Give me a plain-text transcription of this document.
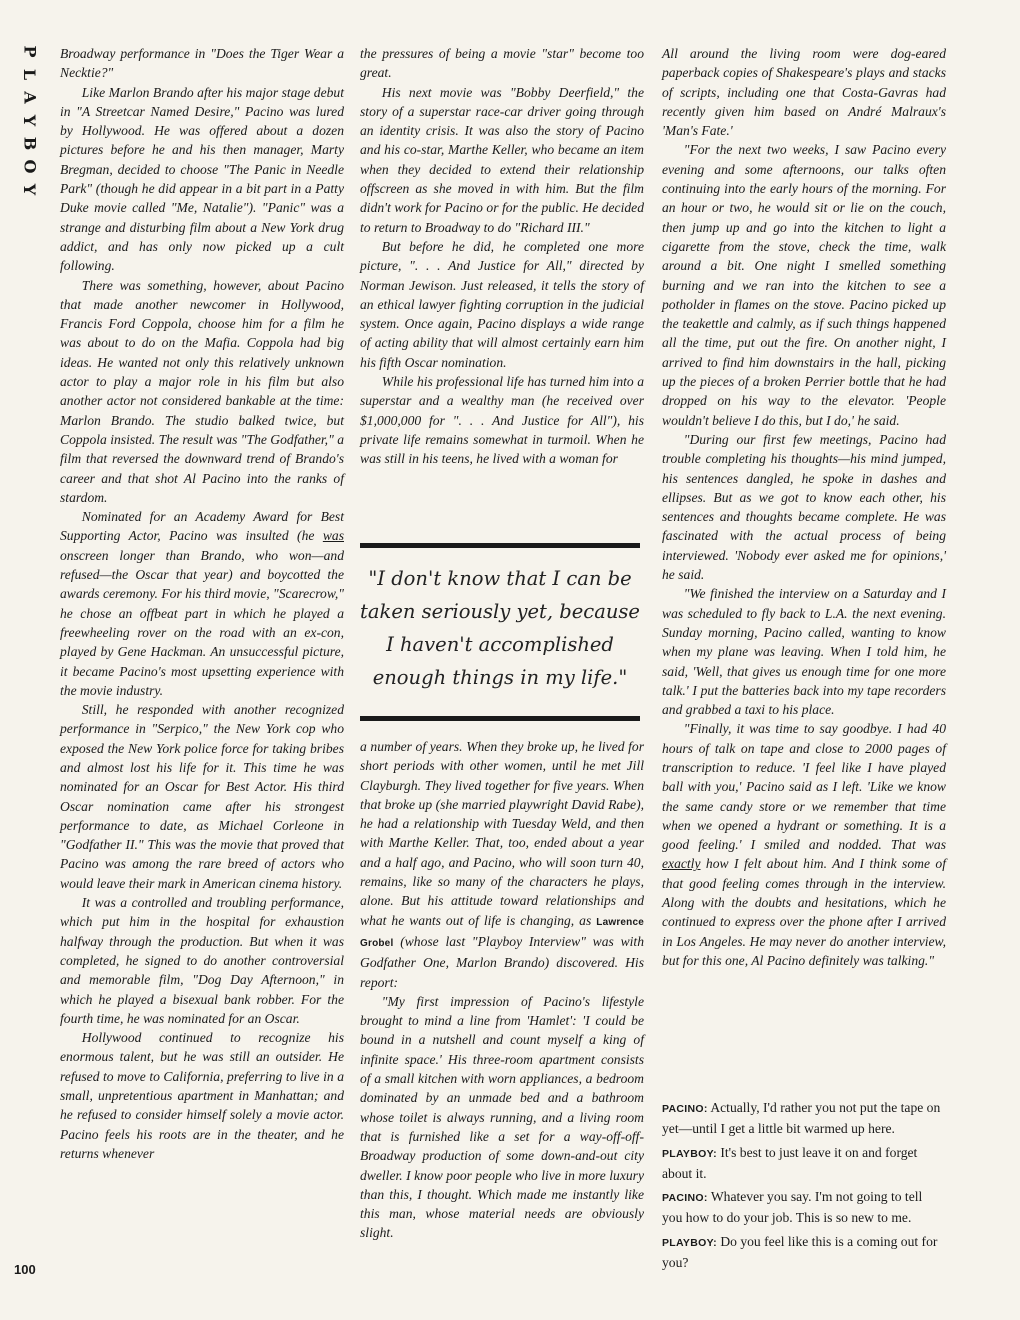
P
L
A
Y
B
O
Y
100

Broadway performance in "Does the Tiger Wear a Necktie?"

Like Marlon Brando after his major stage debut in "A Streetcar Named Desire," Pacino was lured by Hollywood. He was offered about a dozen pictures before he and his then manager, Marty Bregman, decided to choose "The Panic in Needle Park" (though he did appear in a bit part in a Patty Duke movie called "Me, Natalie"). "Panic" was a strange and disturbing film about a New York drug addict, and has only now picked up a cult following.

There was something, however, about Pacino that made another newcomer in Hollywood, Francis Ford Coppola, choose him for a film he was about to do on the Mafia. Coppola had big ideas. He wanted not only this relatively unknown actor to play a major role in his film but also another actor not considered bankable at the time: Marlon Brando. The studio balked twice, but Coppola insisted. The result was "The Godfather," a film that reversed the downward trend of Brando's career and that shot Al Pacino into the ranks of stardom.

Nominated for an Academy Award for Best Supporting Actor, Pacino was insulted (he was onscreen longer than Brando, who won—and refused—the Oscar that year) and boycotted the awards ceremony. For his third movie, "Scarecrow," he chose an offbeat part in which he played a freewheeling rover on the road with an ex-con, played by Gene Hackman. An unsuccessful picture, it became Pacino's most upsetting experience with the movie industry.

Still, he responded with another recognized performance in "Serpico," the New York cop who exposed the New York police force for taking bribes and almost lost his life for it. This time he was nominated for an Oscar for Best Actor. His third Oscar nomination came after his strongest performance to date, as Michael Corleone in "Godfather II." This was the movie that proved that Pacino was among the rare breed of actors who would leave their mark in American cinema history.

It was a controlled and troubling performance, which put him in the hospital for exhaustion halfway through the production. But when it was completed, he signed to do another controversial and memorable film, "Dog Day Afternoon," in which he played a bisexual bank robber. For the fourth time, he was nominated for an Oscar.

Hollywood continued to recognize his enormous talent, but he was still an outsider. He refused to move to California, preferring to live in a small, unpretentious apartment in Manhattan; and he refused to consider himself solely a movie actor. Pacino feels his roots are in the theater, and he returns whenever

the pressures of being a movie "star" become too great.

His next movie was "Bobby Deerfield," the story of a superstar race-car driver going through an identity crisis. It was also the story of Pacino and his co-star, Marthe Keller, who became an item when they decided to extend their relationship offscreen as she moved in with him. But the film didn't work for Pacino or for the public. He decided to return to Broadway to do "Richard III."

But before he did, he completed one more picture, ". . . And Justice for All," directed by Norman Jewison. Just released, it tells the story of an ethical lawyer fighting corruption in the judicial system. Once again, Pacino displays a wide range of acting ability that will almost certainly earn him his fifth Oscar nomination.

While his professional life has turned him into a superstar and a wealthy man (he received over $1,000,000 for ". . . And Justice for All"), his private life remains somewhat in turmoil. When he was still in his teens, he lived with a woman for

"I don't know that I can be taken seriously yet, because I haven't accomplished enough things in my life."

a number of years. When they broke up, he lived for short periods with other women, until he met Jill Clayburgh. They lived together for five years. When that broke up (she married playwright David Rabe), he had a relationship with Tuesday Weld, and then with Marthe Keller. That, too, ended about a year and a half ago, and Pacino, who will soon turn 40, remains, like so many of the characters he plays, alone. But his attitude toward relationships and what he wants out of life is changing, as Lawrence Grobel (whose last "Playboy Interview" was with Godfather One, Marlon Brando) discovered. His report:

"My first impression of Pacino's lifestyle brought to mind a line from 'Hamlet': 'I could be bound in a nutshell and count myself a king of infinite space.' His three-room apartment consists of a small kitchen with worn appliances, a bedroom dominated by an unmade bed and a bathroom whose toilet is always running, and a living room that is furnished like a set for a way-off-off-Broadway production of some down-and-out city dweller. I know poor people who live in more luxury than this, I thought. Which made me instantly like this man, whose material needs are obviously slight.

All around the living room were dog-eared paperback copies of Shakespeare's plays and stacks of scripts, including one that Costa-Gavras had recently given him based on André Malraux's 'Man's Fate.'

"For the next two weeks, I saw Pacino every evening and some afternoons, our talks often continuing into the early hours of the morning. For an hour or two, he would sit or lie on the couch, then jump up and go into the kitchen to light a cigarette from the stove, check the time, walk around a bit. One night I smelled something burning and we ran into the kitchen to see a potholder in flames on the stove. Pacino picked up the teakettle and calmly, as if such things happened all the time, put out the fire. On another night, I arrived to find him downstairs in the hall, picking up the pieces of a broken Perrier bottle that he had dropped on his way to the elevator. 'People wouldn't believe I do this, but I do,' he said.

"During our first few meetings, Pacino had trouble completing his thoughts—his mind jumped, his sentences dangled, he spoke in dashes and ellipses. But as we got to know each other, his sentences and thoughts became complete. He was fascinated with the actual process of being interviewed. 'Nobody ever asked me for opinions,' he said.

"We finished the interview on a Saturday and I was scheduled to fly back to L.A. the next evening. Sunday morning, Pacino called, wanting to know when my plane was leaving. When I told him, he said, 'Well, that gives us enough time for one more talk.' I put the batteries back into my tape recorders and grabbed a taxi to his place.

"Finally, it was time to say goodbye. I had 40 hours of talk on tape and close to 2000 pages of transcription to reduce. 'I feel like I have played ball with you,' Pacino said as I left. 'Like we know the same candy store or we remember that time when we opened a hydrant or something. It is a good feeling.' I smiled and nodded. That was exactly how I felt about him. And I think some of that good feeling comes through in the interview. Along with the doubts and hesitations, which he continued to express over the phone after I arrived in Los Angeles. He may never do another interview, but for this one, Al Pacino definitely was talking."

PACINO: Actually, I'd rather you not put the tape on yet—until I get a little bit warmed up here.

PLAYBOY: It's best to just leave it on and forget about it.

PACINO: Whatever you say. I'm not going to tell you how to do your job. This is so new to me.

PLAYBOY: Do you feel like this is a coming out for you?
